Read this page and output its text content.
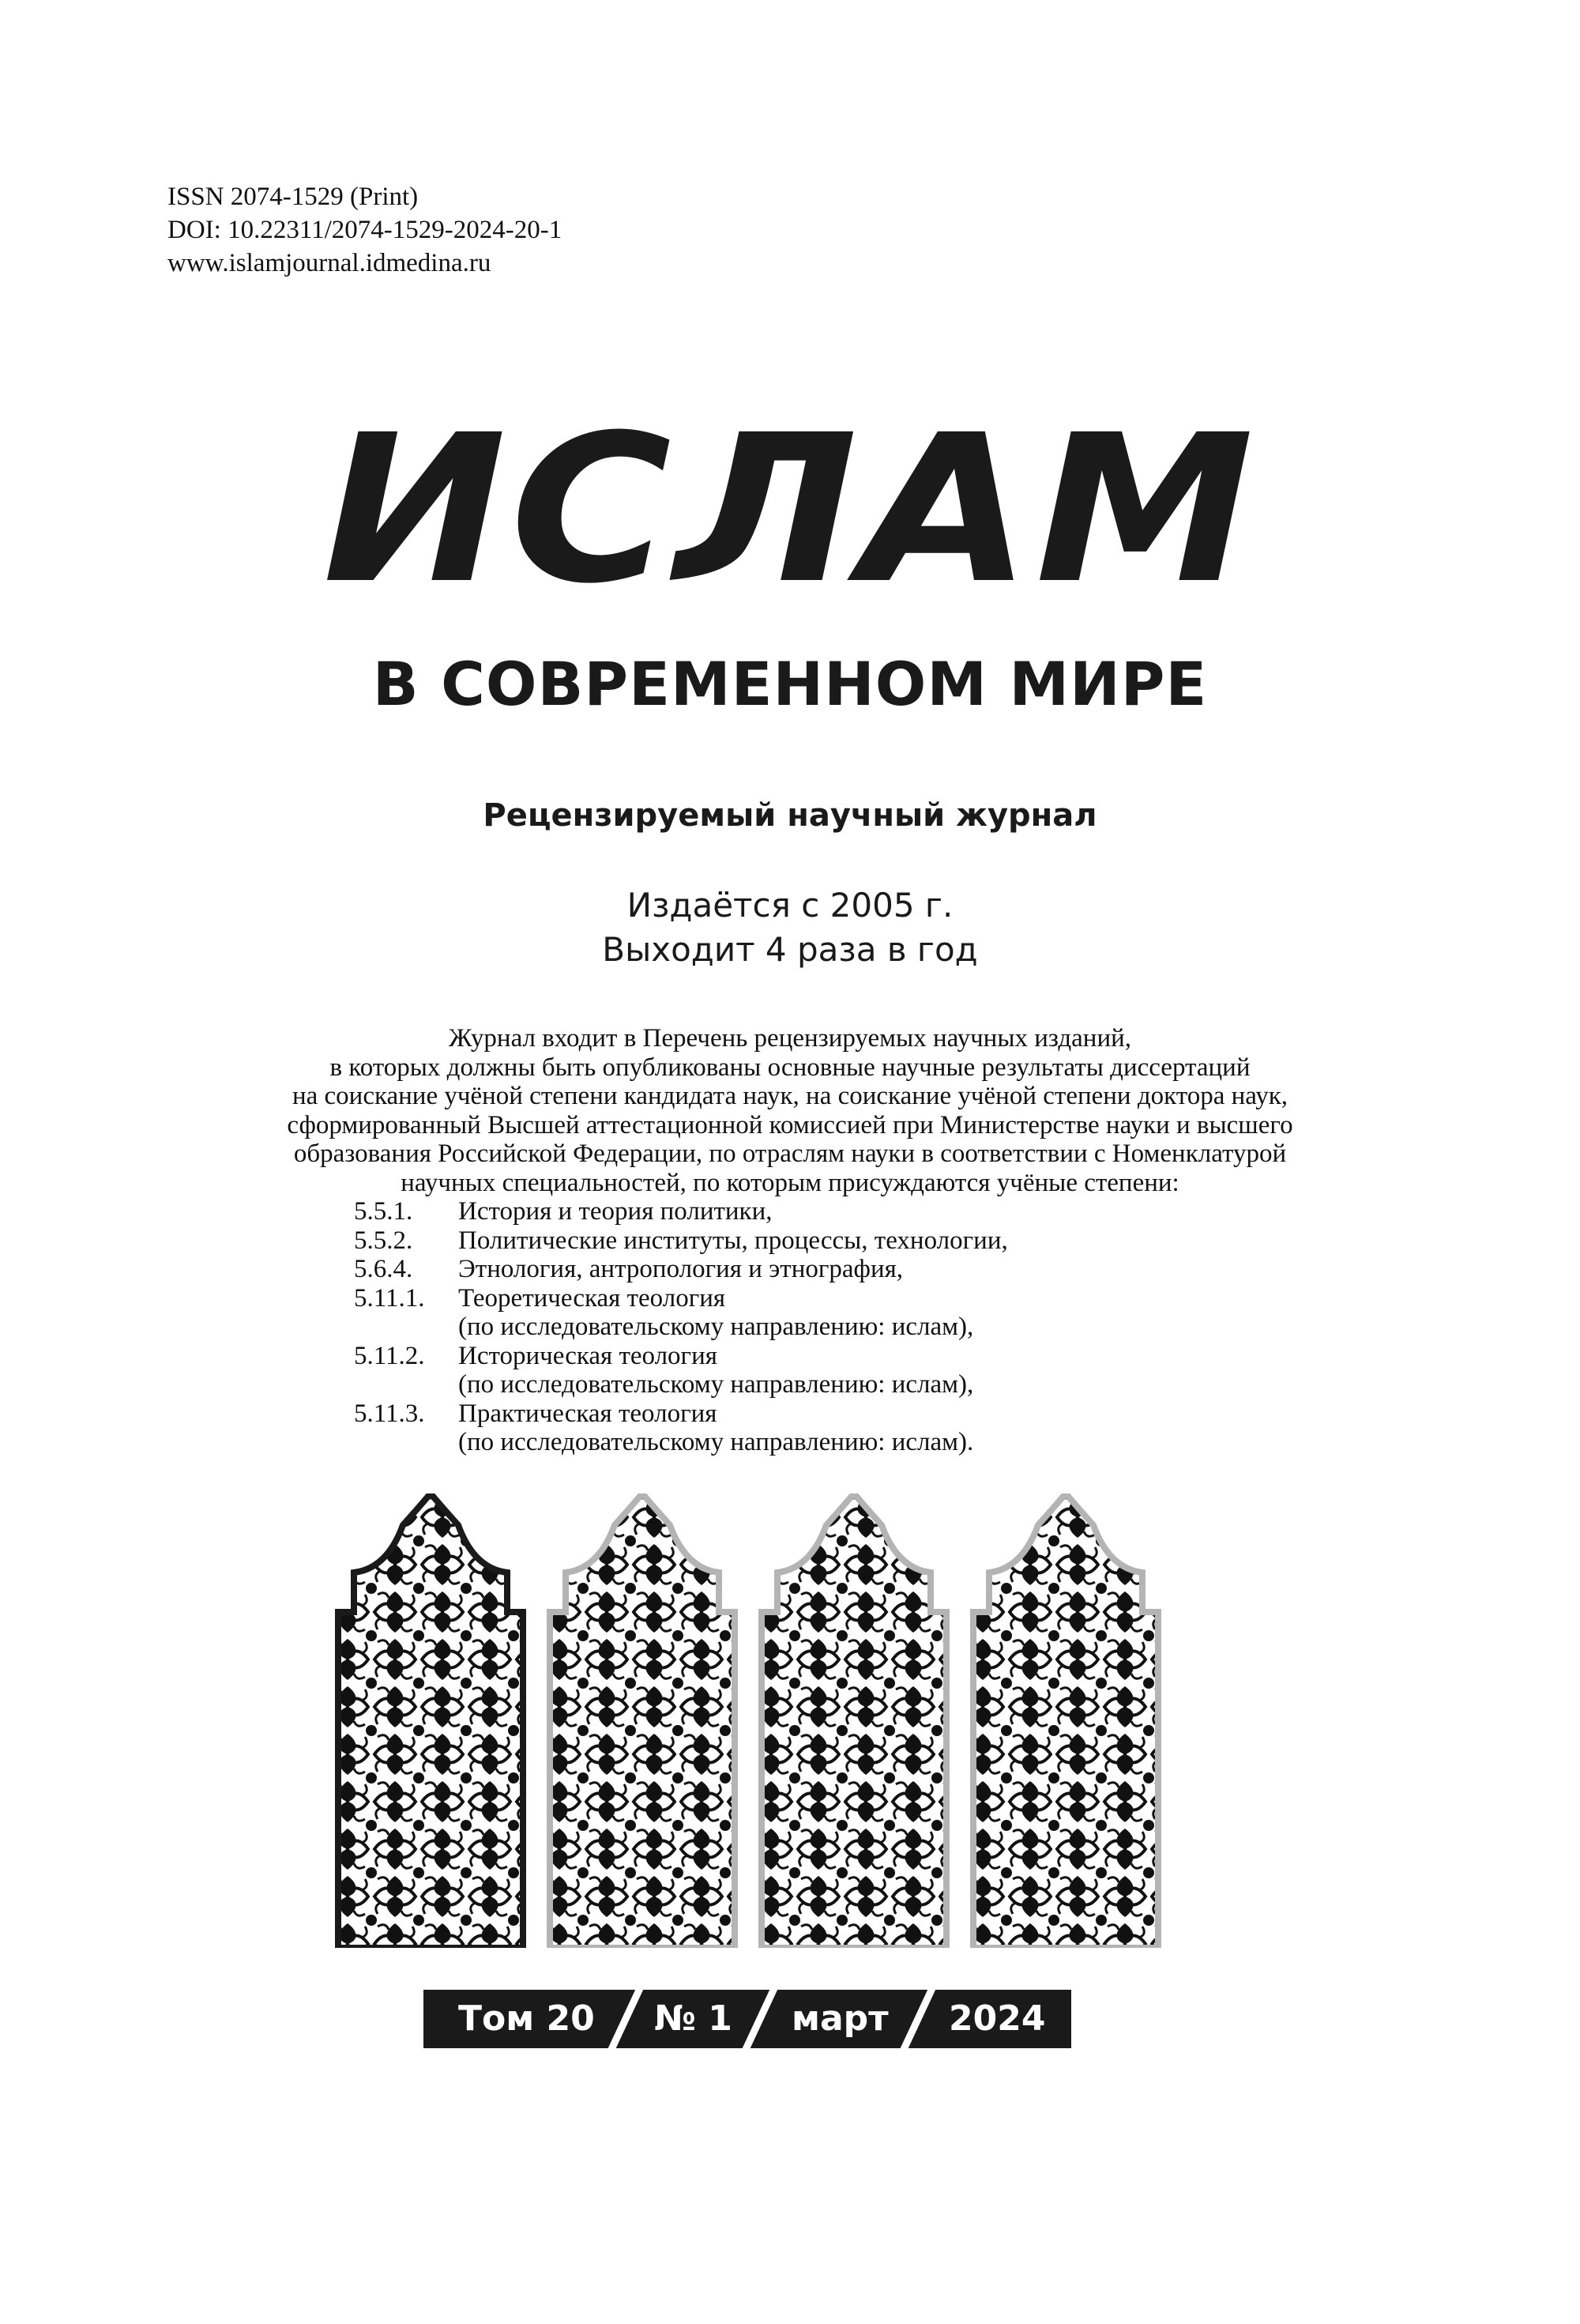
ISSN 2074-1529 (Print)
DOI: 10.22311/2074-1529-2024-20-1
www.islamjournal.idmedina.ru
ИСЛАМ
В СОВРЕМЕННОМ МИРЕ
Рецензируемый научный журнал
Издаётся с 2005 г.
Выходит 4 раза в год
Журнал входит в Перечень рецензируемых научных изданий,
в которых должны быть опубликованы основные научные результаты диссертаций
на соискание учёной степени кандидата наук, на соискание учёной степени доктора наук,
сформированный Высшей аттестационной комиссией при Министерстве науки и высшего
образования Российской Федерации, по отраслям науки в соответствии с Номенклатурой
научных специальностей, по которым присуждаются учёные степени:
5.5.1.	История и теория политики,
5.5.2.	Политические институты, процессы, технологии,
5.6.4.	Этнология, антропология и этнография,
5.11.1.	Теоретическая теология
(по исследовательскому направлению: ислам),
5.11.2.	Историческая теология
(по исследовательскому направлению: ислам),
5.11.3.	Практическая теология
(по исследовательскому направлению: ислам).
Том 20 № 1 март 2024
